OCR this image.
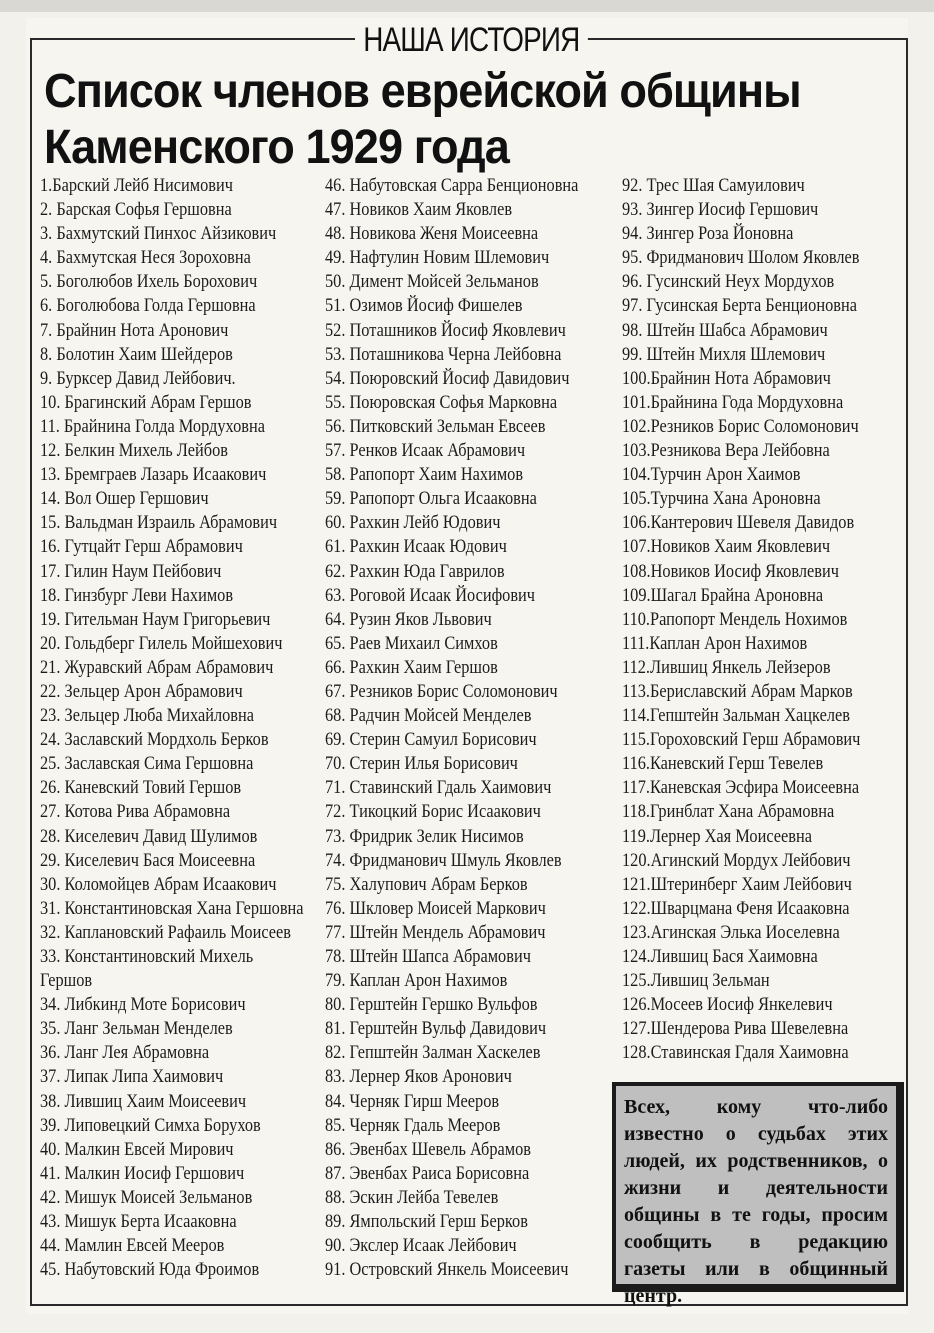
НАША ИСТОРИЯ
Список членов еврейской общины
Каменского 1929 года
1.Барский Лейб Нисимович
2. Барская Софья Гершовна
3. Бахмутский Пинхос Айзикович
4. Бахмутская Неся Зороховна
5. Боголюбов Ихель Борохович
6. Боголюбова Голда Гершовна
7. Брайнин Нота Аронович
8. Болотин Хаим Шейдеров
9. Бурксер Давид Лейбович.
10. Брагинский Абрам Гершов
11. Брайнина Голда Мордуховна
12. Белкин Михель Лейбов
13. Бремграев Лазарь Исаакович
14. Вол Ошер Гершович
15. Вальдман Израиль Абрамович
16. Гутцайт Герш Абрамович
17. Гилин Наум Пейбович
18. Гинзбург Леви Нахимов
19. Гительман Наум Григорьевич
20. Гольдберг Гилель Мойшехович
21. Журавский Абрам Абрамович
22. Зельцер Арон Абрамович
23. Зельцер Люба Михайловна
24. Заславский Мордхоль Берков
25. Заславская Сима Гершовна
26. Каневский Товий Гершов
27. Котова Рива Абрамовна
28. Киселевич Давид Шулимов
29. Киселевич Бася Моисеевна
30. Коломойцев Абрам Исаакович
31. Константиновская Хана Гершовна
32. Каплановский Рафаиль Моисеев
33. Константиновский Михель Гершов
34. Либкинд Моте Борисович
35. Ланг Зельман Менделев
36. Ланг Лея Абрамовна
37. Липак Липа Хаимович
38. Лившиц Хаим Моисеевич
39. Липовецкий Симха Борухов
40. Малкин Евсей Мирович
41. Малкин Иосиф Гершович
42. Мишук Моисей Зельманов
43. Мишук Берта Исааковна
44. Мамлин Евсей Мееров
45. Набутовский Юда Фроимов
46. Набутовская Сарра Бенционовна
47. Новиков Хаим Яковлев
48. Новикова Женя Моисеевна
49. Нафтулин Новим Шлемович
50. Димент Мойсей Зельманов
51. Озимов Йосиф Фишелев
52. Поташников Йосиф Яковлевич
53. Поташникова Черна Лейбовна
54. Поюровский Йосиф Давидович
55. Поюровская Софья Марковна
56. Питковский Зельман Евсеев
57. Ренков Исаак Абрамович
58. Рапопорт Хаим Нахимов
59. Рапопорт Ольга Исааковна
60. Рахкин Лейб Юдович
61. Рахкин Исаак Юдович
62. Рахкин Юда Гаврилов
63. Роговой Исаак Йосифович
64. Рузин Яков Львович
65. Раев Михаил Симхов
66. Рахкин Хаим Гершов
67. Резников Борис Соломонович
68. Радчин Мойсей Менделев
69. Стерин Самуил Борисович
70. Стерин Илья Борисович
71. Ставинский Гдаль Хаимович
72. Тикоцкий Борис Исаакович
73. Фридрик Зелик Нисимов
74. Фридманович Шмуль Яковлев
75. Халупович Абрам Берков
76. Шкловер Моисей Маркович
77. Штейн Мендель Абрамович
78. Штейн Шапса Абрамович
79. Каплан Арон Нахимов
80. Герштейн Гершко Вульфов
81. Герштейн Вульф Давидович
82. Гепштейн Залман Хаскелев
83. Лернер Яков Аронович
84. Черняк Гирш Мееров
85. Черняк Гдаль Мееров
86. Эвенбах Шевель Абрамов
87. Эвенбах Раиса Борисовна
88. Эскин Лейба Тевелев
89. Ямпольский Герш Берков
90. Экслер Исаак Лейбович
91. Островский Янкель Моисеевич
92. Трес Шая Самуилович
93. Зингер Иосиф Гершович
94. Зингер Роза Йоновна
95. Фридманович Шолом Яковлев
96. Гусинский Неух Мордухов
97. Гусинская Берта Бенционовна
98. Штейн Шабса Абрамович
99. Штейн Михля Шлемович
100.Брайнин Нота Абрамович
101.Брайнина Года Мордуховна
102.Резников Борис Соломонович
103.Резникова Вера Лейбовна
104.Турчин Арон Хаимов
105.Турчина Хана Ароновна
106.Кантерович Шевеля Давидов
107.Новиков Хаим Яковлевич
108.Новиков Иосиф Яковлевич
109.Шагал Брайна Ароновна
110.Рапопорт Мендель Нохимов
111.Каплан Арон Нахимов
112.Лившиц Янкель Лейзеров
113.Бериславский Абрам Марков
114.Гепштейн Зальман Хацкелев
115.Гороховский Герш Абрамович
116.Каневский Герш Тевелев
117.Каневская Эсфира Моисеевна
118.Гринблат Хана Абрамовна
119.Лернер Хая Моисеевна
120.Агинский Мордух Лейбович
121.Штеринберг Хаим Лейбович
122.Шварцмана Феня Исааковна
123.Агинская Элька Иоселевна
124.Лившиц Бася Хаимовна
125.Лившиц Зельман
126.Мосеев Иосиф Янкелевич
127.Шендерова Рива Шевелевна
128.Ставинская Гдаля Хаимовна
Всех, кому что-либо известно о судьбах этих людей, их родственников, о жизни и деятельности общины в те годы, просим сообщить в редакцию газеты или в общинный центр.
